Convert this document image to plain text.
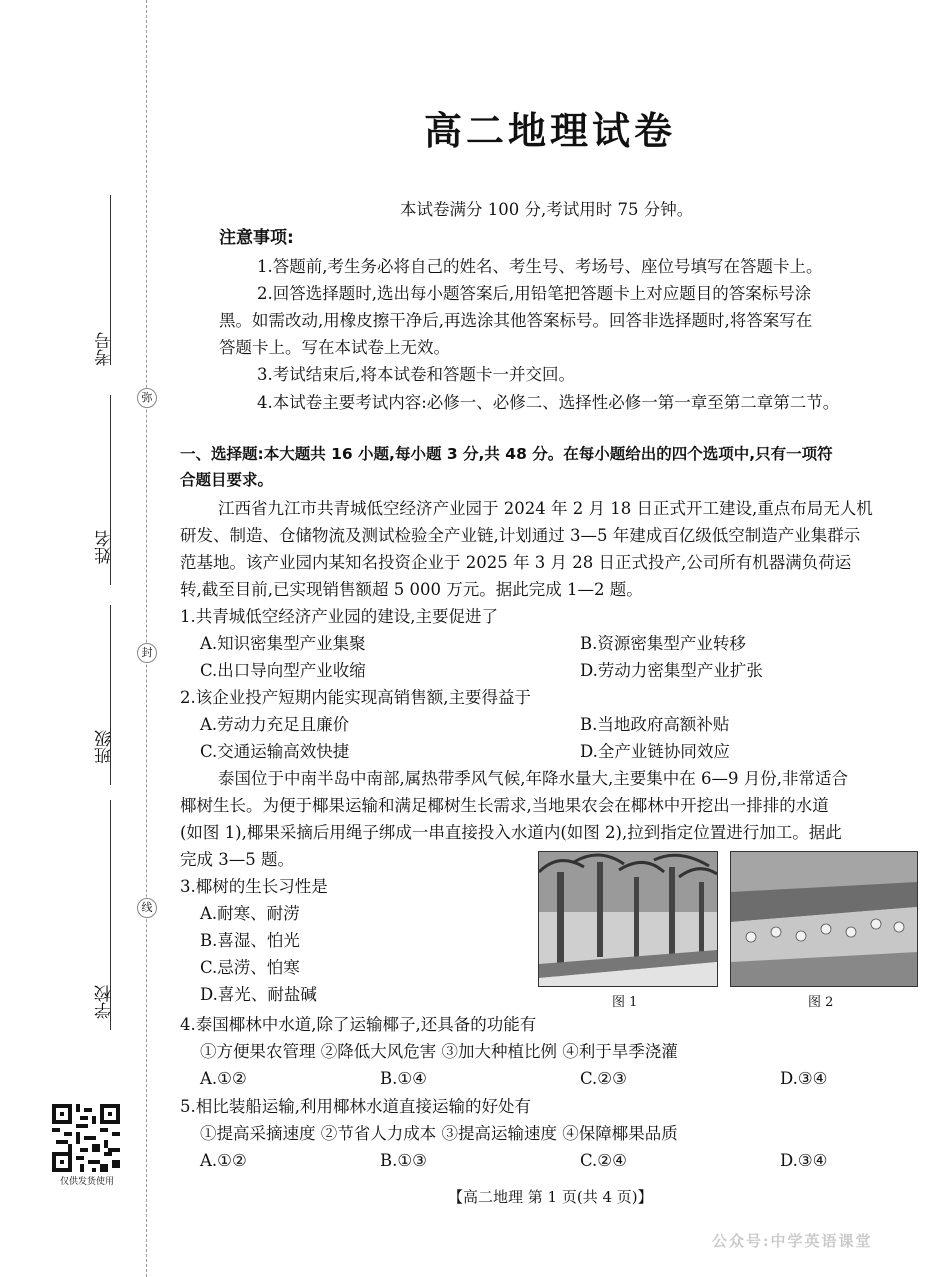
弥
封
线
考号
姓名
班级
学校
仅供发货使用
高二地理试卷
本试卷满分 100 分,考试用时 75 分钟。
注意事项:
1.答题前,考生务必将自己的姓名、考生号、考场号、座位号填写在答题卡上。
2.回答选择题时,选出每小题答案后,用铅笔把答题卡上对应题目的答案标号涂
黑。如需改动,用橡皮擦干净后,再选涂其他答案标号。回答非选择题时,将答案写在
答题卡上。写在本试卷上无效。
3.考试结束后,将本试卷和答题卡一并交回。
4.本试卷主要考试内容:必修一、必修二、选择性必修一第一章至第二章第二节。
一、选择题:本大题共 16 小题,每小题 3 分,共 48 分。在每小题给出的四个选项中,只有一项符
合题目要求。
江西省九江市共青城低空经济产业园于 2024 年 2 月 18 日正式开工建设,重点布局无人机
研发、制造、仓储物流及测试检验全产业链,计划通过 3—5 年建成百亿级低空制造产业集群示
范基地。该产业园内某知名投资企业于 2025 年 3 月 28 日正式投产,公司所有机器满负荷运
转,截至目前,已实现销售额超 5 000 万元。据此完成 1—2 题。
1.共青城低空经济产业园的建设,主要促进了
A.知识密集型产业集聚	B.资源密集型产业转移
C.出口导向型产业收缩	D.劳动力密集型产业扩张
2.该企业投产短期内能实现高销售额,主要得益于
A.劳动力充足且廉价	B.当地政府高额补贴
C.交通运输高效快捷	D.全产业链协同效应
泰国位于中南半岛中南部,属热带季风气候,年降水量大,主要集中在 6—9 月份,非常适合
椰树生长。为便于椰果运输和满足椰树生长需求,当地果农会在椰林中开挖出一排排的水道
(如图 1),椰果采摘后用绳子绑成一串直接投入水道内(如图 2),拉到指定位置进行加工。据此
完成 3—5 题。
3.椰树的生长习性是
A.耐寒、耐涝
B.喜湿、怕光
C.忌涝、怕寒
D.喜光、耐盐碱	图 1	图 2
4.泰国椰林中水道,除了运输椰子,还具备的功能有
①方便果农管理 ②降低大风危害 ③加大种植比例 ④利于旱季浇灌
A.①②	B.①④	C.②③	D.③④
5.相比装船运输,利用椰林水道直接运输的好处有
①提高采摘速度 ②节省人力成本 ③提高运输速度 ④保障椰果品质
A.①②	B.①③	C.②④	D.③④
【高二地理 第 1 页(共 4 页)】
公众号:中学英语课堂
